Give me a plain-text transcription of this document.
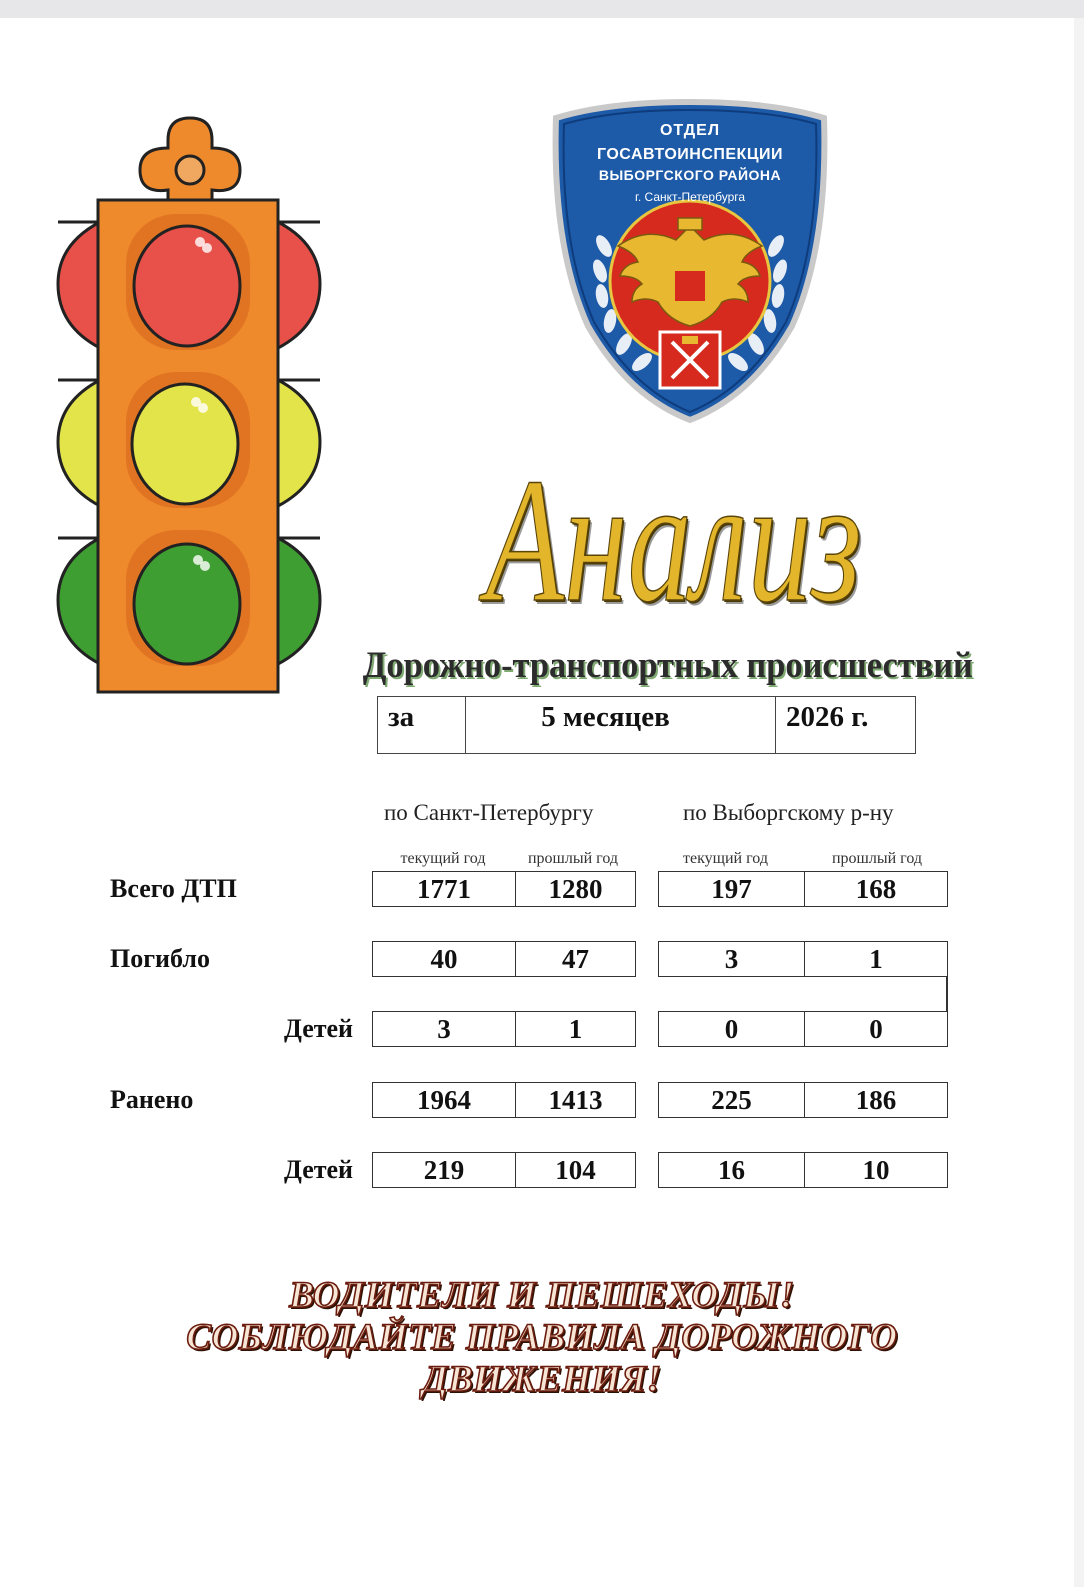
ОТДЕЛ
ГОСАВТОИНСПЕКЦИИ
ВЫБОРГСКОГО РАЙОНА
г. Санкт-Петербурга
Анализ
Дорожно-транспортных происшествий
за	5 месяцев	2026 г.
по Санкт-Петербургу	по Выборгскому р-ну
текущий год	прошлый год	текущий год	прошлый год
Всего ДТП	1771	1280	197	168
Погибло	40	47	3	1
Детей	3	1	0	0
Ранено	1964	1413	225	186
Детей	219	104	16	10
ВОДИТЕЛИ И ПЕШЕХОДЫ!
СОБЛЮДАЙТЕ ПРАВИЛА ДОРОЖНОГО
ДВИЖЕНИЯ!
